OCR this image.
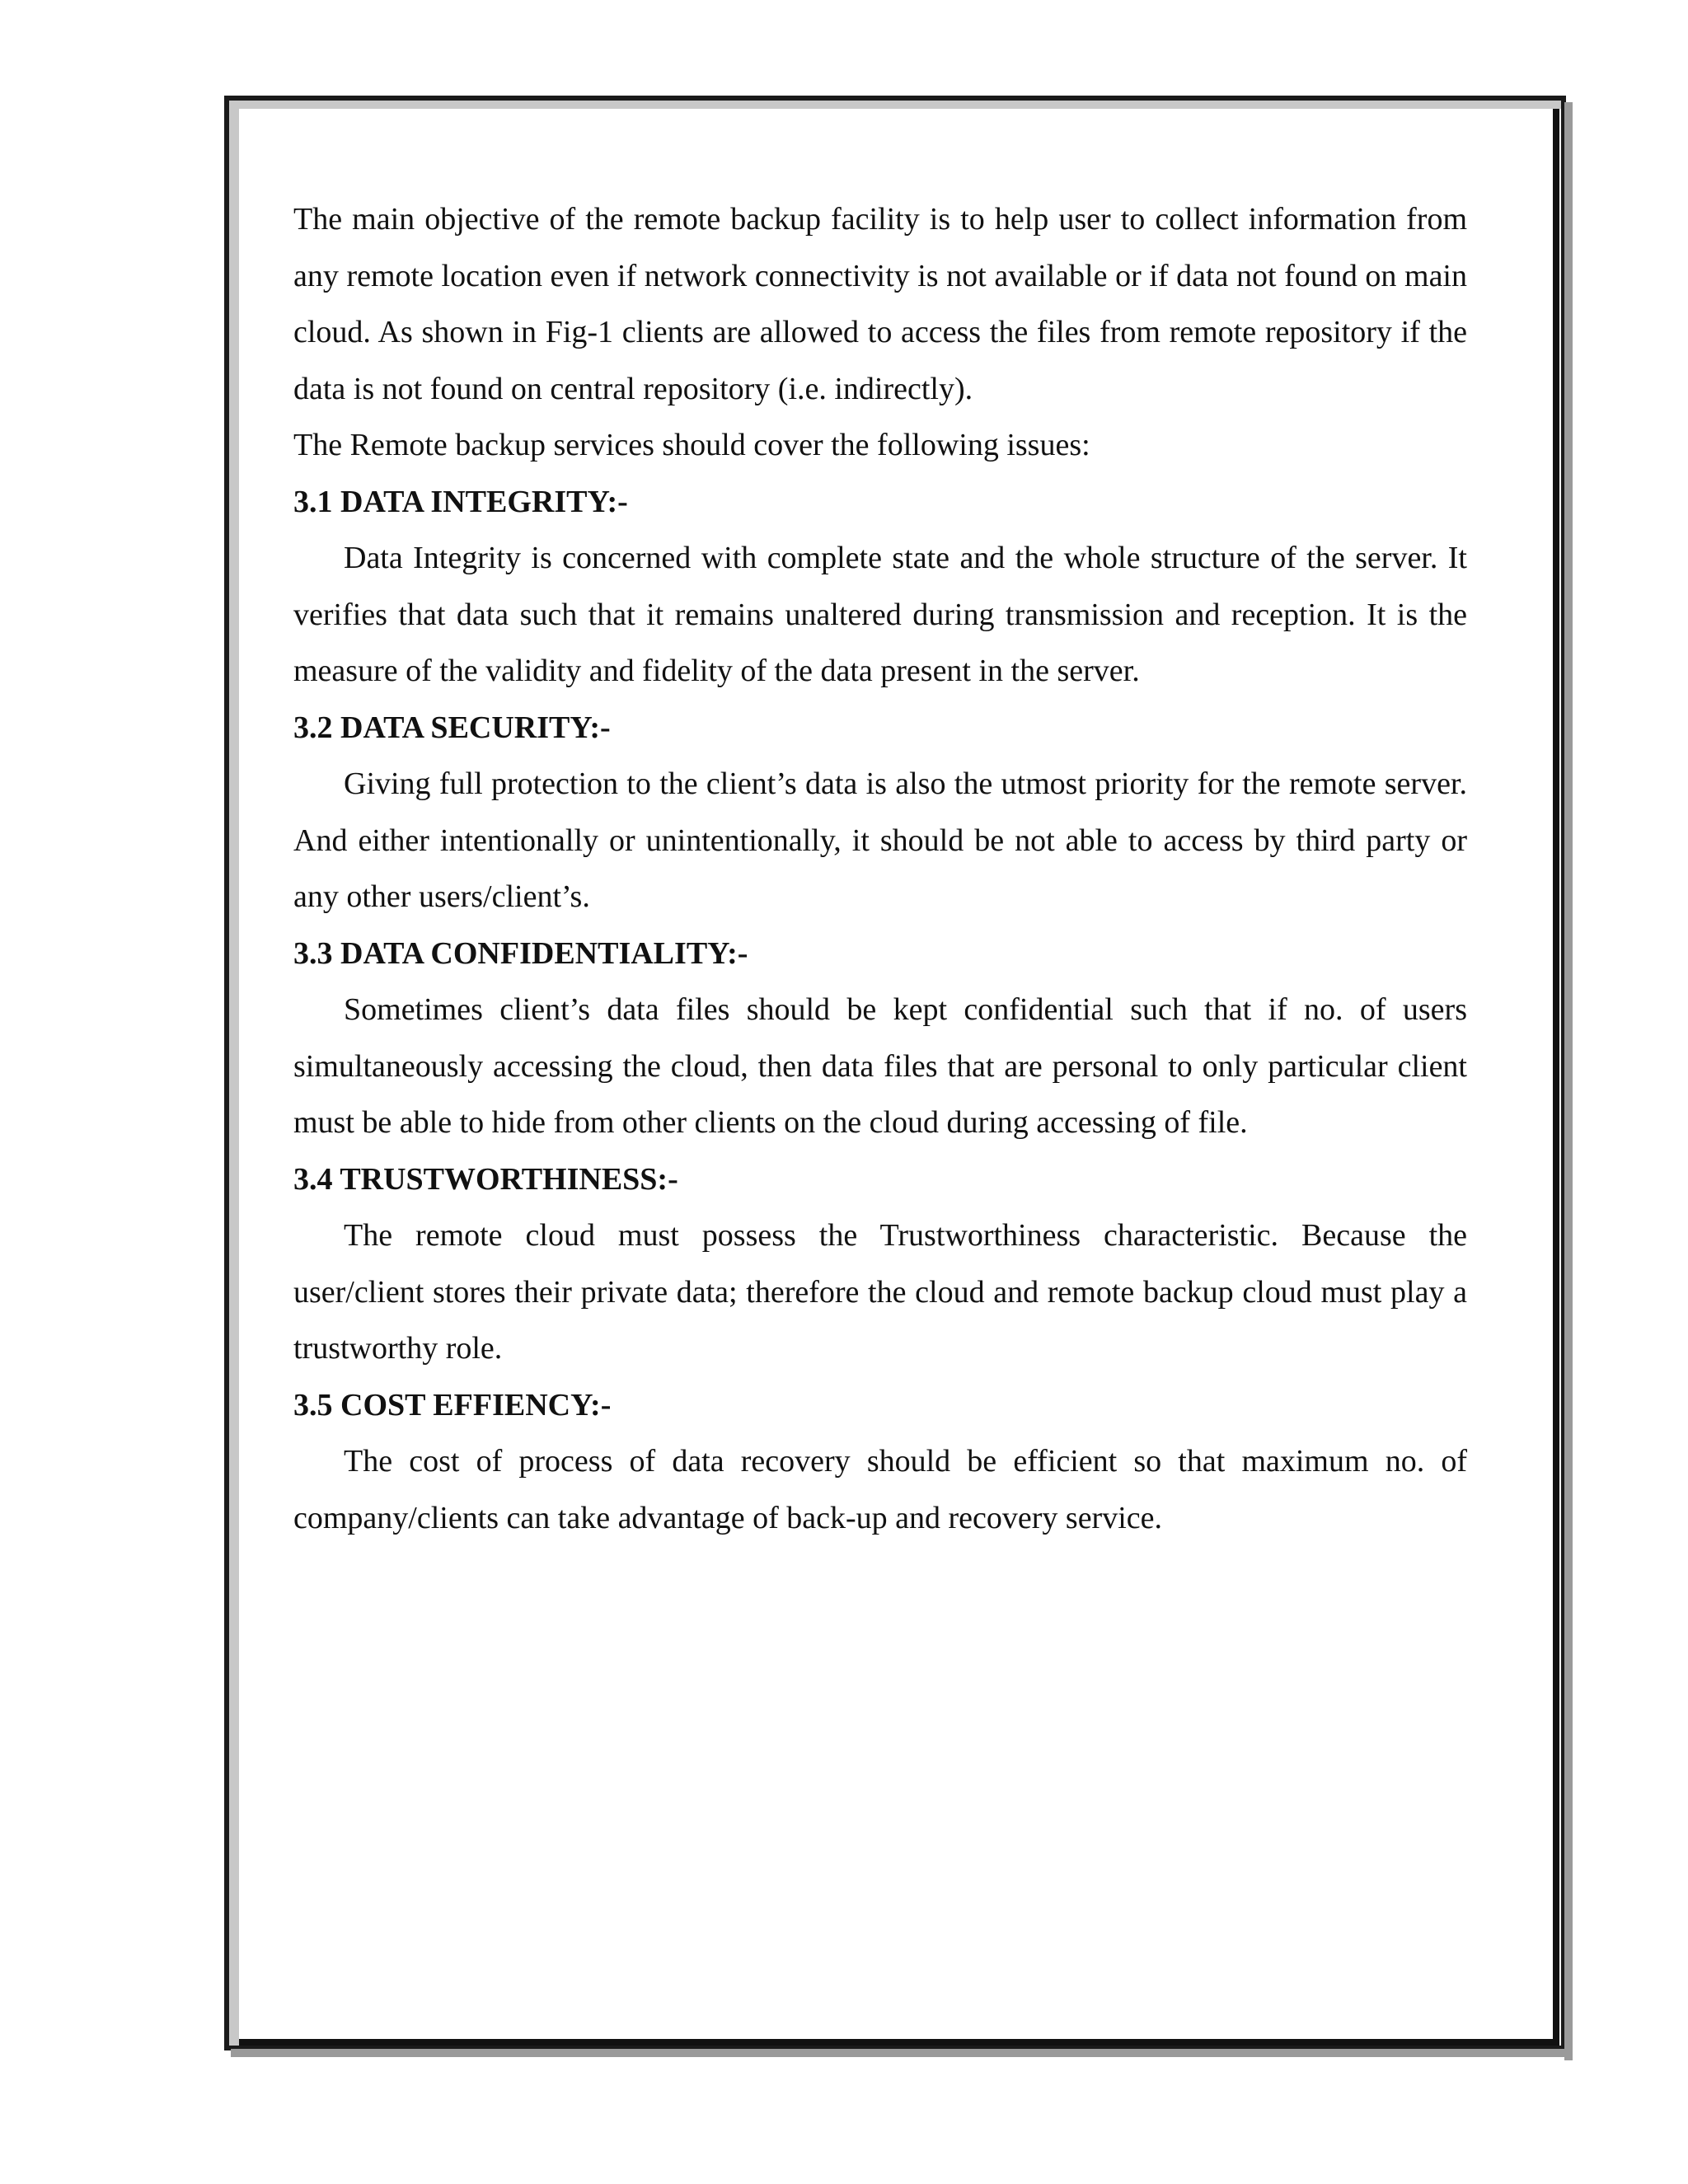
The main objective of the remote backup facility is to help user to collect information from any remote location even if network connectivity is not available or if data not found on main cloud. As shown in Fig-1 clients are allowed to access the files from remote repository if the data is not found on central repository (i.e. indirectly).

The Remote backup services should cover the following issues:

3.1 DATA INTEGRITY:-

Data Integrity is concerned with complete state and the whole structure of the server. It verifies that data such that it remains unaltered during transmission and reception. It is the measure of the validity and fidelity of the data present in the server.

3.2 DATA SECURITY:-

Giving full protection to the client’s data is also the utmost priority for the remote server. And either intentionally or unintentionally, it should be not able to access by third party or any other users/client’s.

3.3 DATA CONFIDENTIALITY:-

Sometimes client’s data files should be kept confidential such that if no. of users simultaneously accessing the cloud, then data files that are personal to only particular client must be able to hide from other clients on the cloud during accessing of file.

3.4 TRUSTWORTHINESS:-

The remote cloud must possess the Trustworthiness characteristic. Because the user/client stores their private data; therefore the cloud and remote backup cloud must play a trustworthy role.

3.5 COST EFFIENCY:-

The cost of process of data recovery should be efficient so that maximum no. of company/clients can take advantage of back-up and recovery service.
